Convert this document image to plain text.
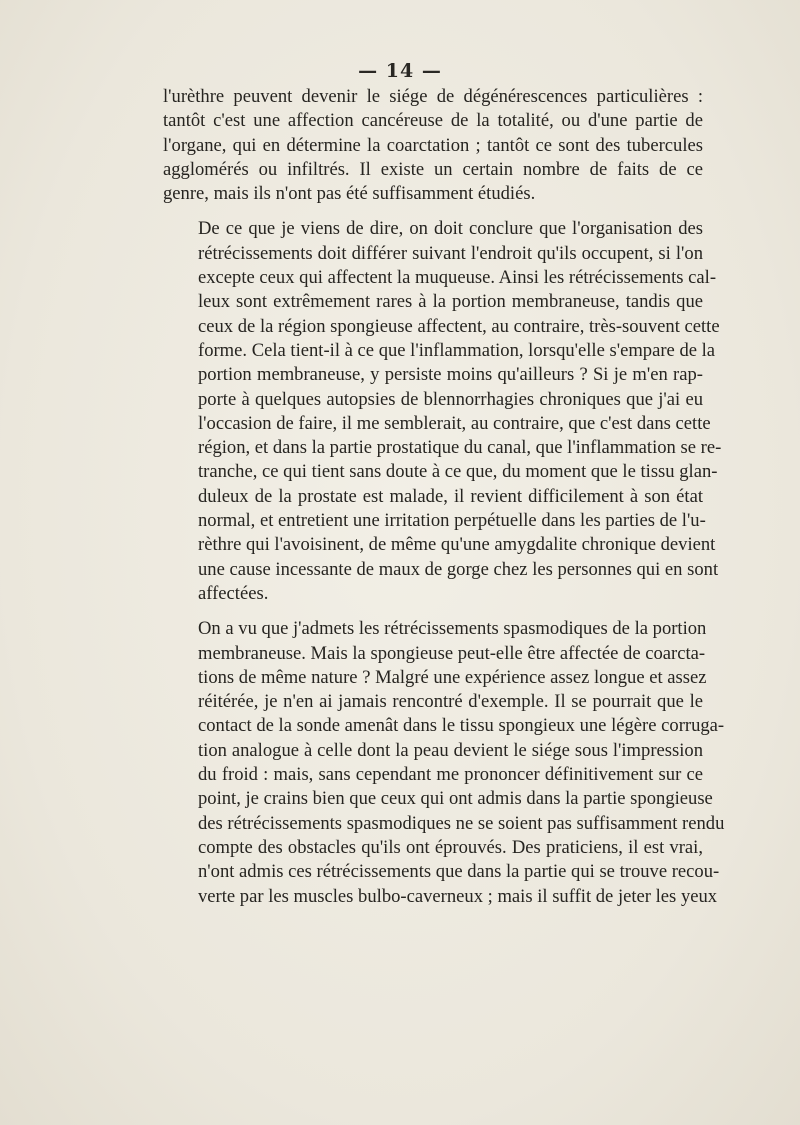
— 14 —
l'urèthre peuvent devenir le siége de dégénérescences particulières :
tantôt c'est une affection cancéreuse de la totalité, ou d'une partie de
l'organe, qui en détermine la coarctation ; tantôt ce sont des tubercules
agglomérés ou infiltrés. Il existe un certain nombre de faits de ce
genre, mais ils n'ont pas été suffisamment étudiés.
De ce que je viens de dire, on doit conclure que l'organisation des
rétrécissements doit différer suivant l'endroit qu'ils occupent, si l'on
excepte ceux qui affectent la muqueuse. Ainsi les rétrécissements cal-
leux sont extrêmement rares à la portion membraneuse, tandis que
ceux de la région spongieuse affectent, au contraire, très-souvent cette
forme. Cela tient-il à ce que l'inflammation, lorsqu'elle s'empare de la
portion membraneuse, y persiste moins qu'ailleurs ? Si je m'en rap-
porte à quelques autopsies de blennorrhagies chroniques que j'ai eu
l'occasion de faire, il me semblerait, au contraire, que c'est dans cette
région, et dans la partie prostatique du canal, que l'inflammation se re-
tranche, ce qui tient sans doute à ce que, du moment que le tissu glan-
duleux de la prostate est malade, il revient difficilement à son état
normal, et entretient une irritation perpétuelle dans les parties de l'u-
rèthre qui l'avoisinent, de même qu'une amygdalite chronique devient
une cause incessante de maux de gorge chez les personnes qui en sont
affectées.
On a vu que j'admets les rétrécissements spasmodiques de la portion
membraneuse. Mais la spongieuse peut-elle être affectée de coarcta-
tions de même nature ? Malgré une expérience assez longue et assez
réitérée, je n'en ai jamais rencontré d'exemple. Il se pourrait que le
contact de la sonde amenât dans le tissu spongieux une légère corruga-
tion analogue à celle dont la peau devient le siége sous l'impression
du froid : mais, sans cependant me prononcer définitivement sur ce
point, je crains bien que ceux qui ont admis dans la partie spongieuse
des rétrécissements spasmodiques ne se soient pas suffisamment rendu
compte des obstacles qu'ils ont éprouvés. Des praticiens, il est vrai,
n'ont admis ces rétrécissements que dans la partie qui se trouve recou-
verte par les muscles bulbo-caverneux ; mais il suffit de jeter les yeux
